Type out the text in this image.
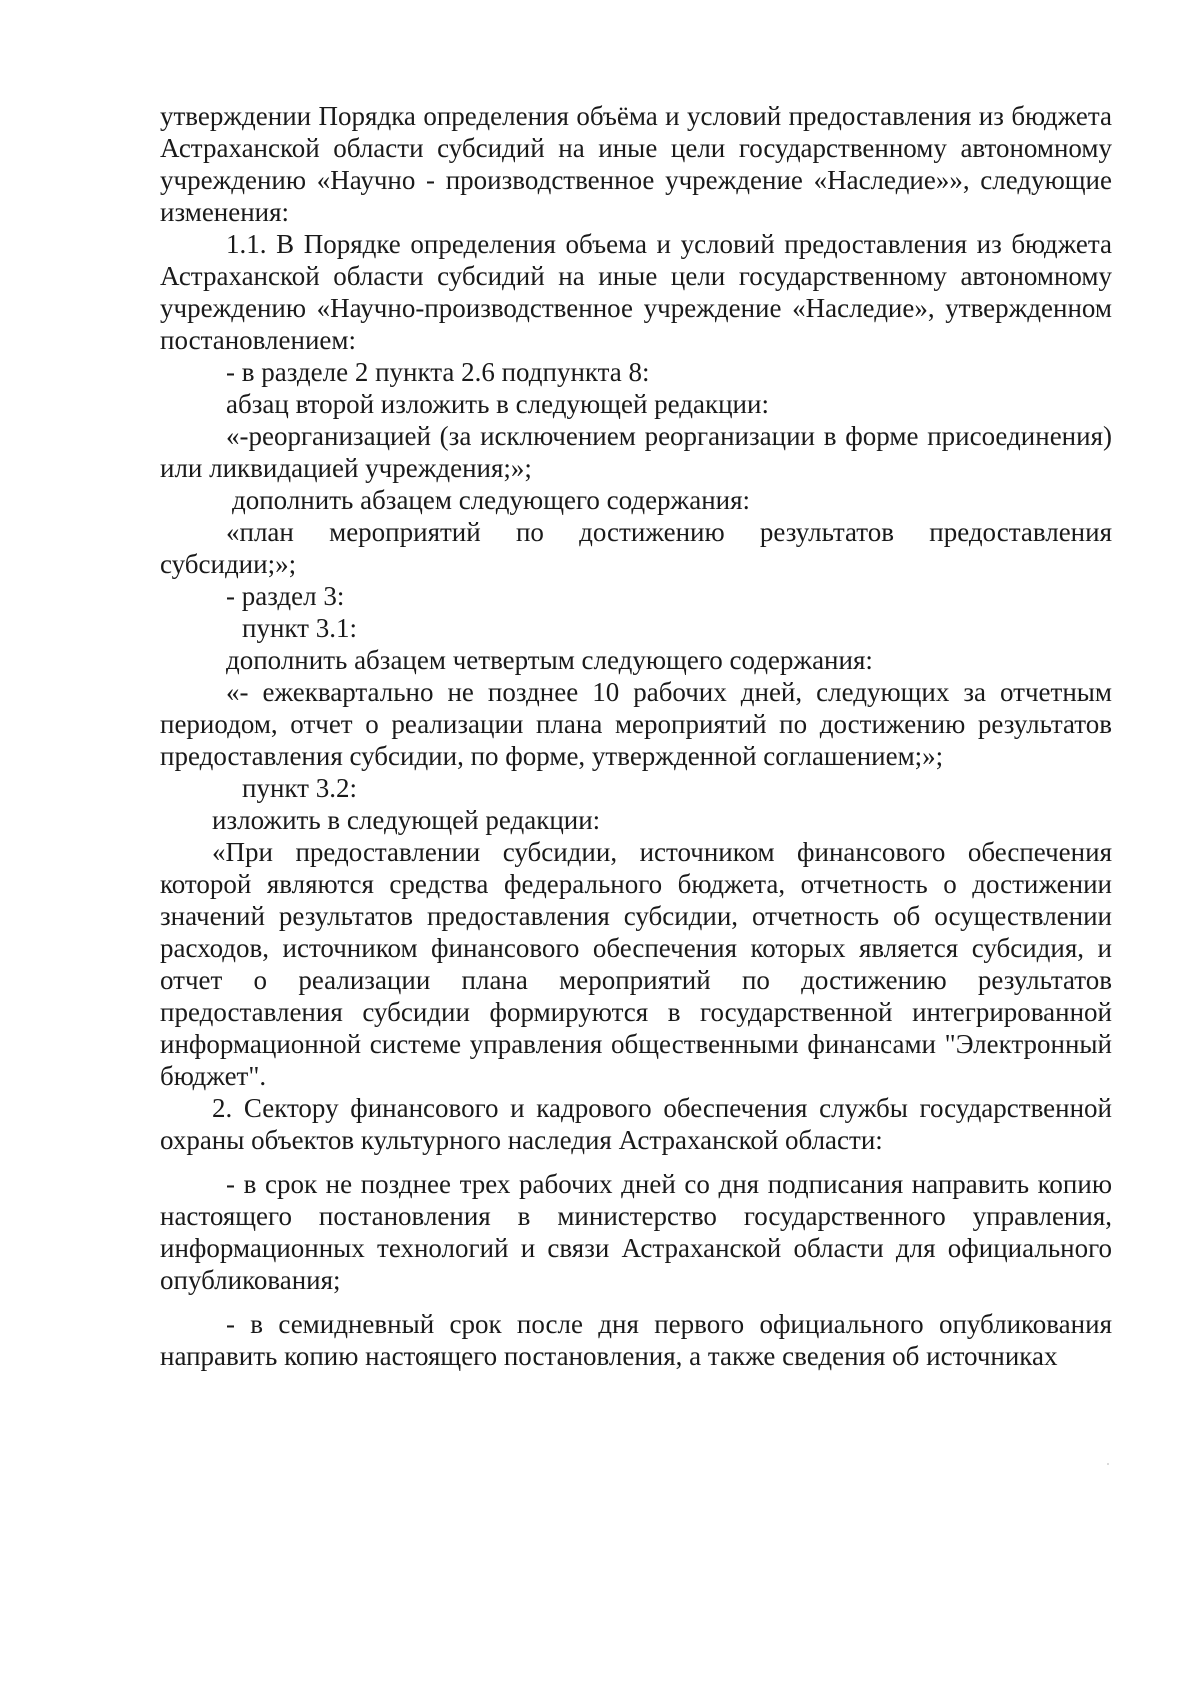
утверждении Порядка определения объёма и условий предоставления из бюджета Астраханской области субсидий на иные цели государственному автономному учреждению «Научно - производственное учреждение «Наследие»», следующие изменения:

1.1. В Порядке определения объема и условий предоставления из бюджета Астраханской области субсидий на иные цели государственному автономному учреждению «Научно-производственное учреждение «Наследие», утвержденном постановлением:

- в разделе 2 пункта 2.6 подпункта 8:

абзац второй изложить в следующей редакции:

«-реорганизацией (за исключением реорганизации в форме присоединения) или ликвидацией учреждения;»;

дополнить абзацем следующего содержания:

«план мероприятий по достижению результатов предоставления субсидии;»;

- раздел 3:

пункт 3.1:

дополнить абзацем четвертым следующего содержания:

«- ежеквартально не позднее 10 рабочих дней, следующих за отчетным периодом, отчет о реализации плана мероприятий по достижению результатов предоставления субсидии, по форме, утвержденной соглашением;»;

пункт 3.2:

изложить в следующей редакции:

«При предоставлении субсидии, источником финансового обеспечения которой являются средства федерального бюджета, отчетность о достижении значений результатов предоставления субсидии, отчетность об осуществлении расходов, источником финансового обеспечения которых является субсидия, и отчет о реализации плана мероприятий по достижению результатов предоставления субсидии формируются в государственной интегрированной информационной системе управления общественными финансами "Электронный бюджет".

2. Сектору финансового и кадрового обеспечения службы государственной охраны объектов культурного наследия Астраханской области:

- в срок не позднее трех рабочих дней со дня подписания направить копию настоящего постановления в министерство государственного управления, информационных технологий и связи Астраханской области для официального опубликования;

- в семидневный срок после дня первого официального опубликования направить копию настоящего постановления, а также сведения об источниках
